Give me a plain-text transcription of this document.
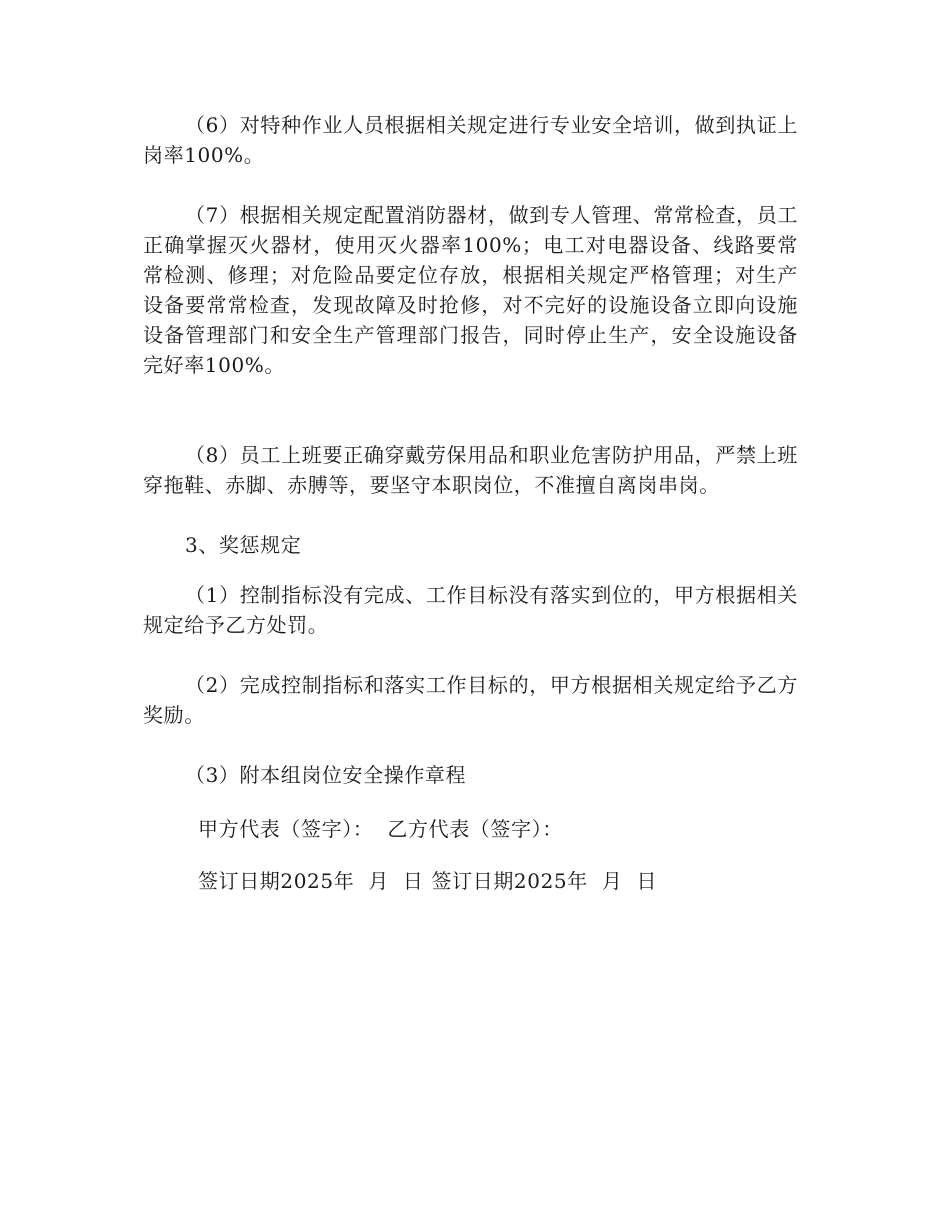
（6）对特种作业人员根据相关规定进行专业安全培训，做到执证上岗率100%。

（7）根据相关规定配置消防器材，做到专人管理、常常检查，员工正确掌握灭火器材，使用灭火器率100%；电工对电器设备、线路要常常检测、修理；对危险品要定位存放，根据相关规定严格管理；对生产设备要常常检查，发现故障及时抢修，对不完好的设施设备立即向设施设备管理部门和安全生产管理部门报告，同时停止生产，安全设施设备完好率100%。

（8）员工上班要正确穿戴劳保用品和职业危害防护用品，严禁上班穿拖鞋、赤脚、赤膊等，要坚守本职岗位，不准擅自离岗串岗。

3、奖惩规定

（1）控制指标没有完成、工作目标没有落实到位的，甲方根据相关规定给予乙方处罚。

（2）完成控制指标和落实工作目标的，甲方根据相关规定给予乙方奖励。

（3）附本组岗位安全操作章程

甲方代表（签字）： 乙方代表（签字）：

签订日期2025年 月 日 签订日期2025年 月 日
